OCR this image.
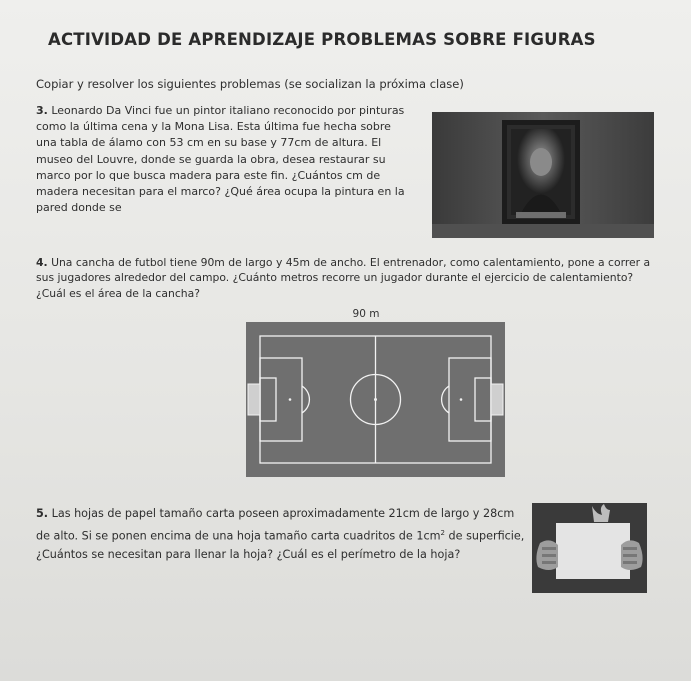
ACTIVIDAD DE APRENDIZAJE PROBLEMAS SOBRE FIGURAS
Copiar y resolver los siguientes problemas (se socializan la próxima clase)
3. Leonardo Da Vinci fue un pintor italiano reconocido por pinturas como la última cena y la Mona Lisa. Esta última fue hecha sobre una tabla de álamo con 53 cm en su base y 77cm de altura. El museo del Louvre, donde se guarda la obra, desea restaurar su marco por lo que busca madera para este fin. ¿Cuántos cm de madera necesitan para el marco? ¿Qué área ocupa la pintura en la pared donde se
4. Una cancha de futbol tiene 90m de largo y 45m de ancho. El entrenador, como calentamiento, pone a correr a sus jugadores alrededor del campo. ¿Cuánto metros recorre un jugador durante el ejercicio de calentamiento? ¿Cuál es el área de la cancha?
90 m
5. Las hojas de papel tamaño carta poseen aproximadamente 21cm de largo y 28cm de alto. Si se ponen encima de una hoja tamaño carta cuadritos de $1cm^2$ de superficie, ¿Cuántos se necesitan para llenar la hoja? ¿Cuál es el perímetro de la hoja?
